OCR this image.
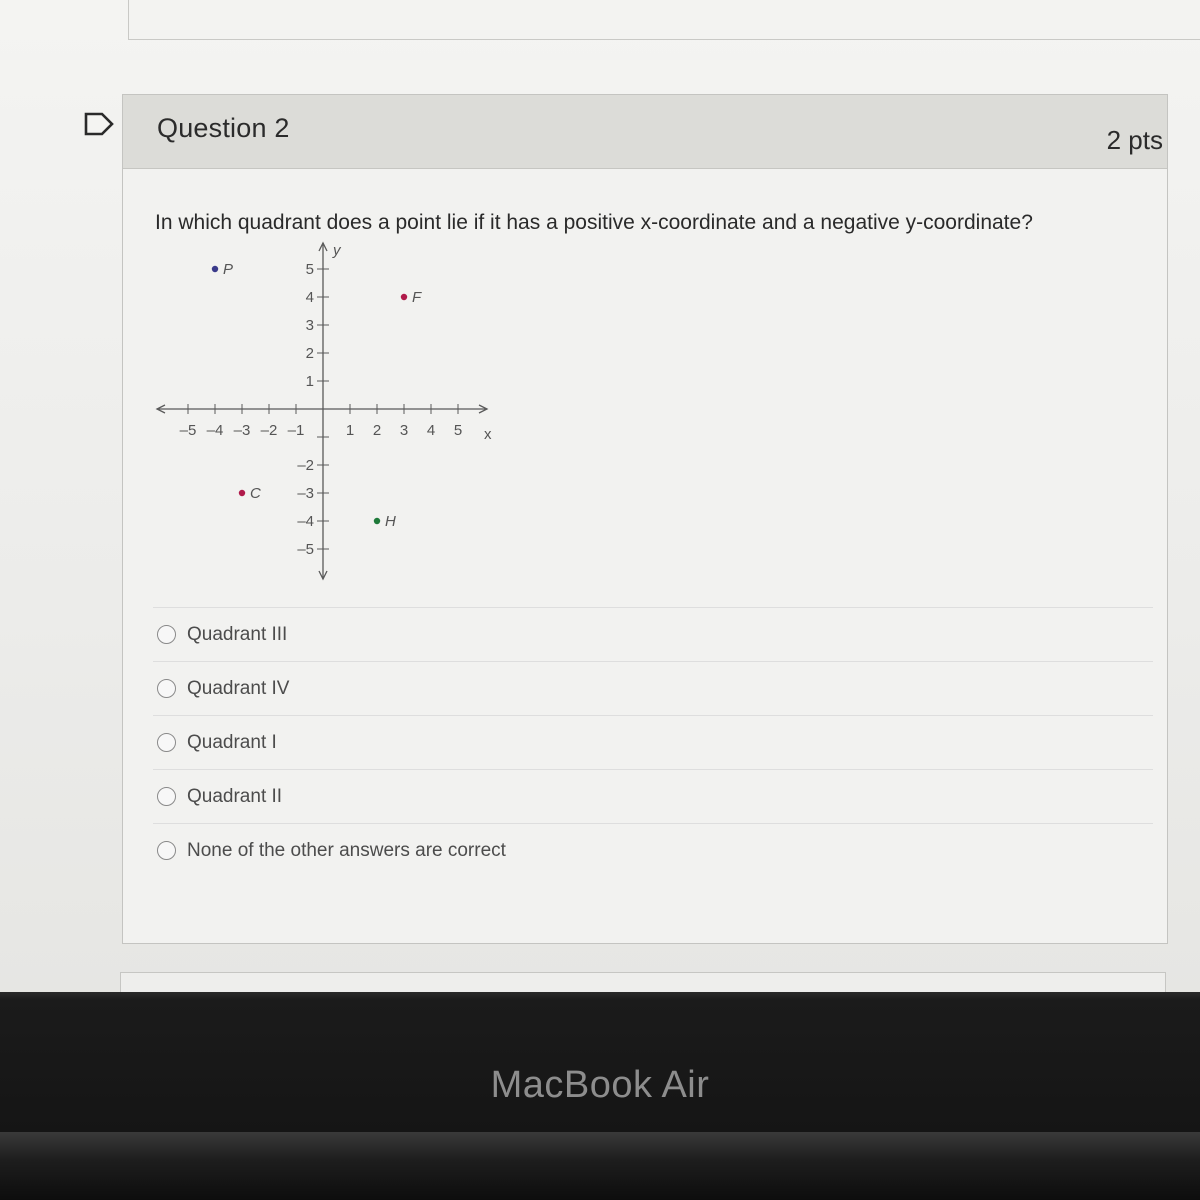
Question 2	2 pts
In which quadrant does a point lie if it has a positive x-coordinate and a negative y-coordinate?
x
y
–5 –4 –3 –2 –1	1 2 3 4 5
5
4
3
2
1
–2
–3
–4
–5
P
F
C
H
Quadrant III
Quadrant IV
Quadrant I
Quadrant II
None of the other answers are correct
MacBook Air
